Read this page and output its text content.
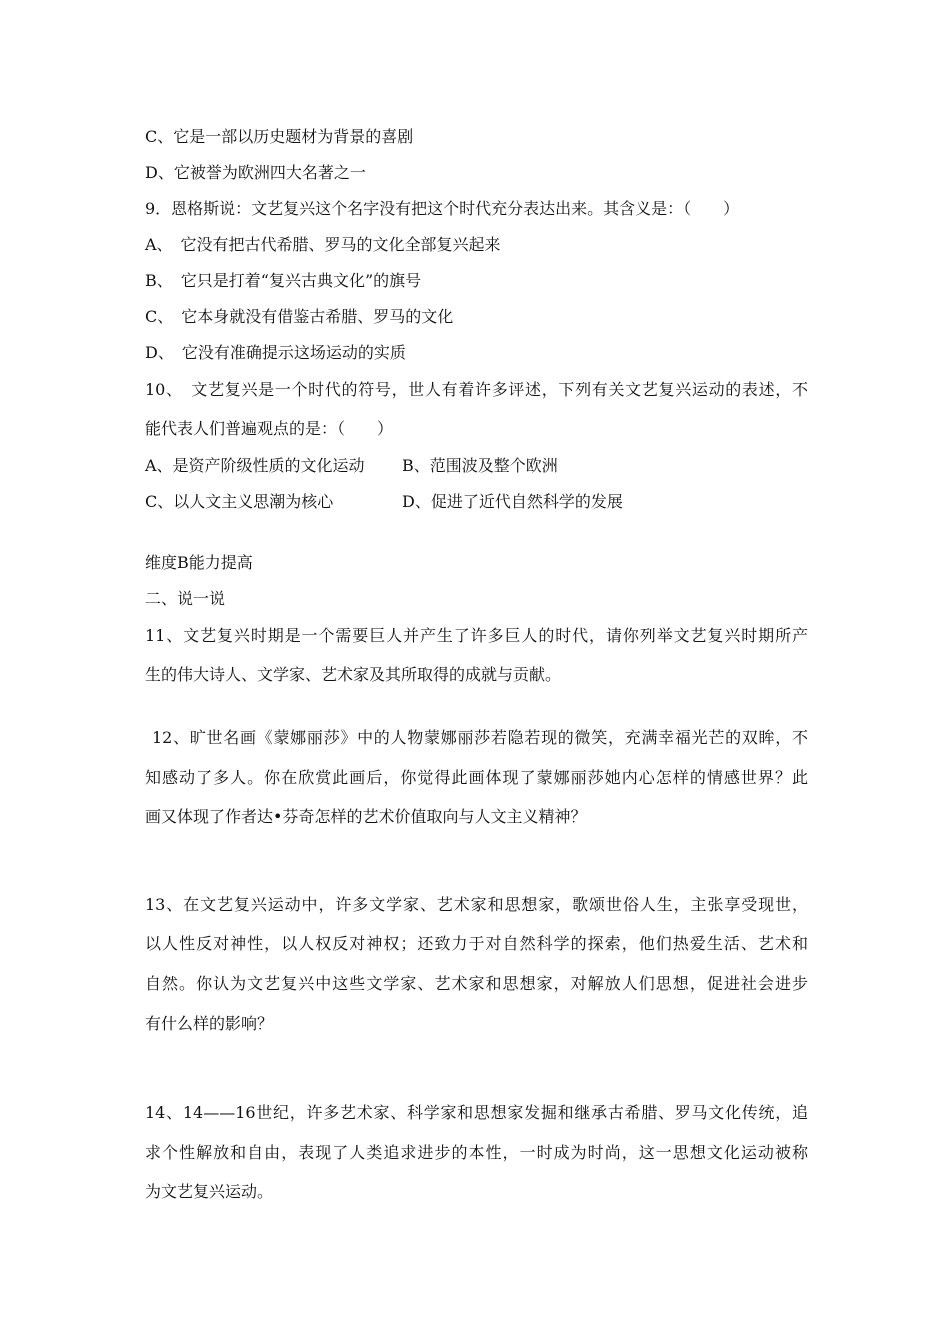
C、它是一部以历史题材为背景的喜剧
D、它被誉为欧洲四大名著之一
9．恩格斯说：文艺复兴这个名字没有把这个时代充分表达出来。其含义是：（　　）
A、　它没有把古代希腊、罗马的文化全部复兴起来
B、　它只是打着“复兴古典文化”的旗号
C、　它本身就没有借鉴古希腊、罗马的文化
D、　它没有准确提示这场运动的实质
10、　文艺复兴是一个时代的符号，世人有着许多评述，下列有关文艺复兴运动的表述，不
能代表人们普遍观点的是：（　　）
A、是资产阶级性质的文化运动 B、范围波及整个欧洲
C、以人文主义思潮为核心	D、促进了近代自然科学的发展
维度B能力提高
二、说一说
11、文艺复兴时期是一个需要巨人并产生了许多巨人的时代，请你列举文艺复兴时期所产
生的伟大诗人、文学家、艺术家及其所取得的成就与贡献。
12、旷世名画《蒙娜丽莎》中的人物蒙娜丽莎若隐若现的微笑，充满幸福光芒的双眸，不
知感动了多人。你在欣赏此画后，你觉得此画体现了蒙娜丽莎她内心怎样的情感世界？此
画又体现了作者达•芬奇怎样的艺术价值取向与人文主义精神？
13、在文艺复兴运动中，许多文学家、艺术家和思想家，歌颂世俗人生，主张享受现世，
以人性反对神性，以人权反对神权；还致力于对自然科学的探索，他们热爱生活、艺术和
自然。你认为文艺复兴中这些文学家、艺术家和思想家，对解放人们思想，促进社会进步
有什么样的影响？
14、14——16世纪，许多艺术家、科学家和思想家发掘和继承古希腊、罗马文化传统，追
求个性解放和自由，表现了人类追求进步的本性，一时成为时尚，这一思想文化运动被称
为文艺复兴运动。
